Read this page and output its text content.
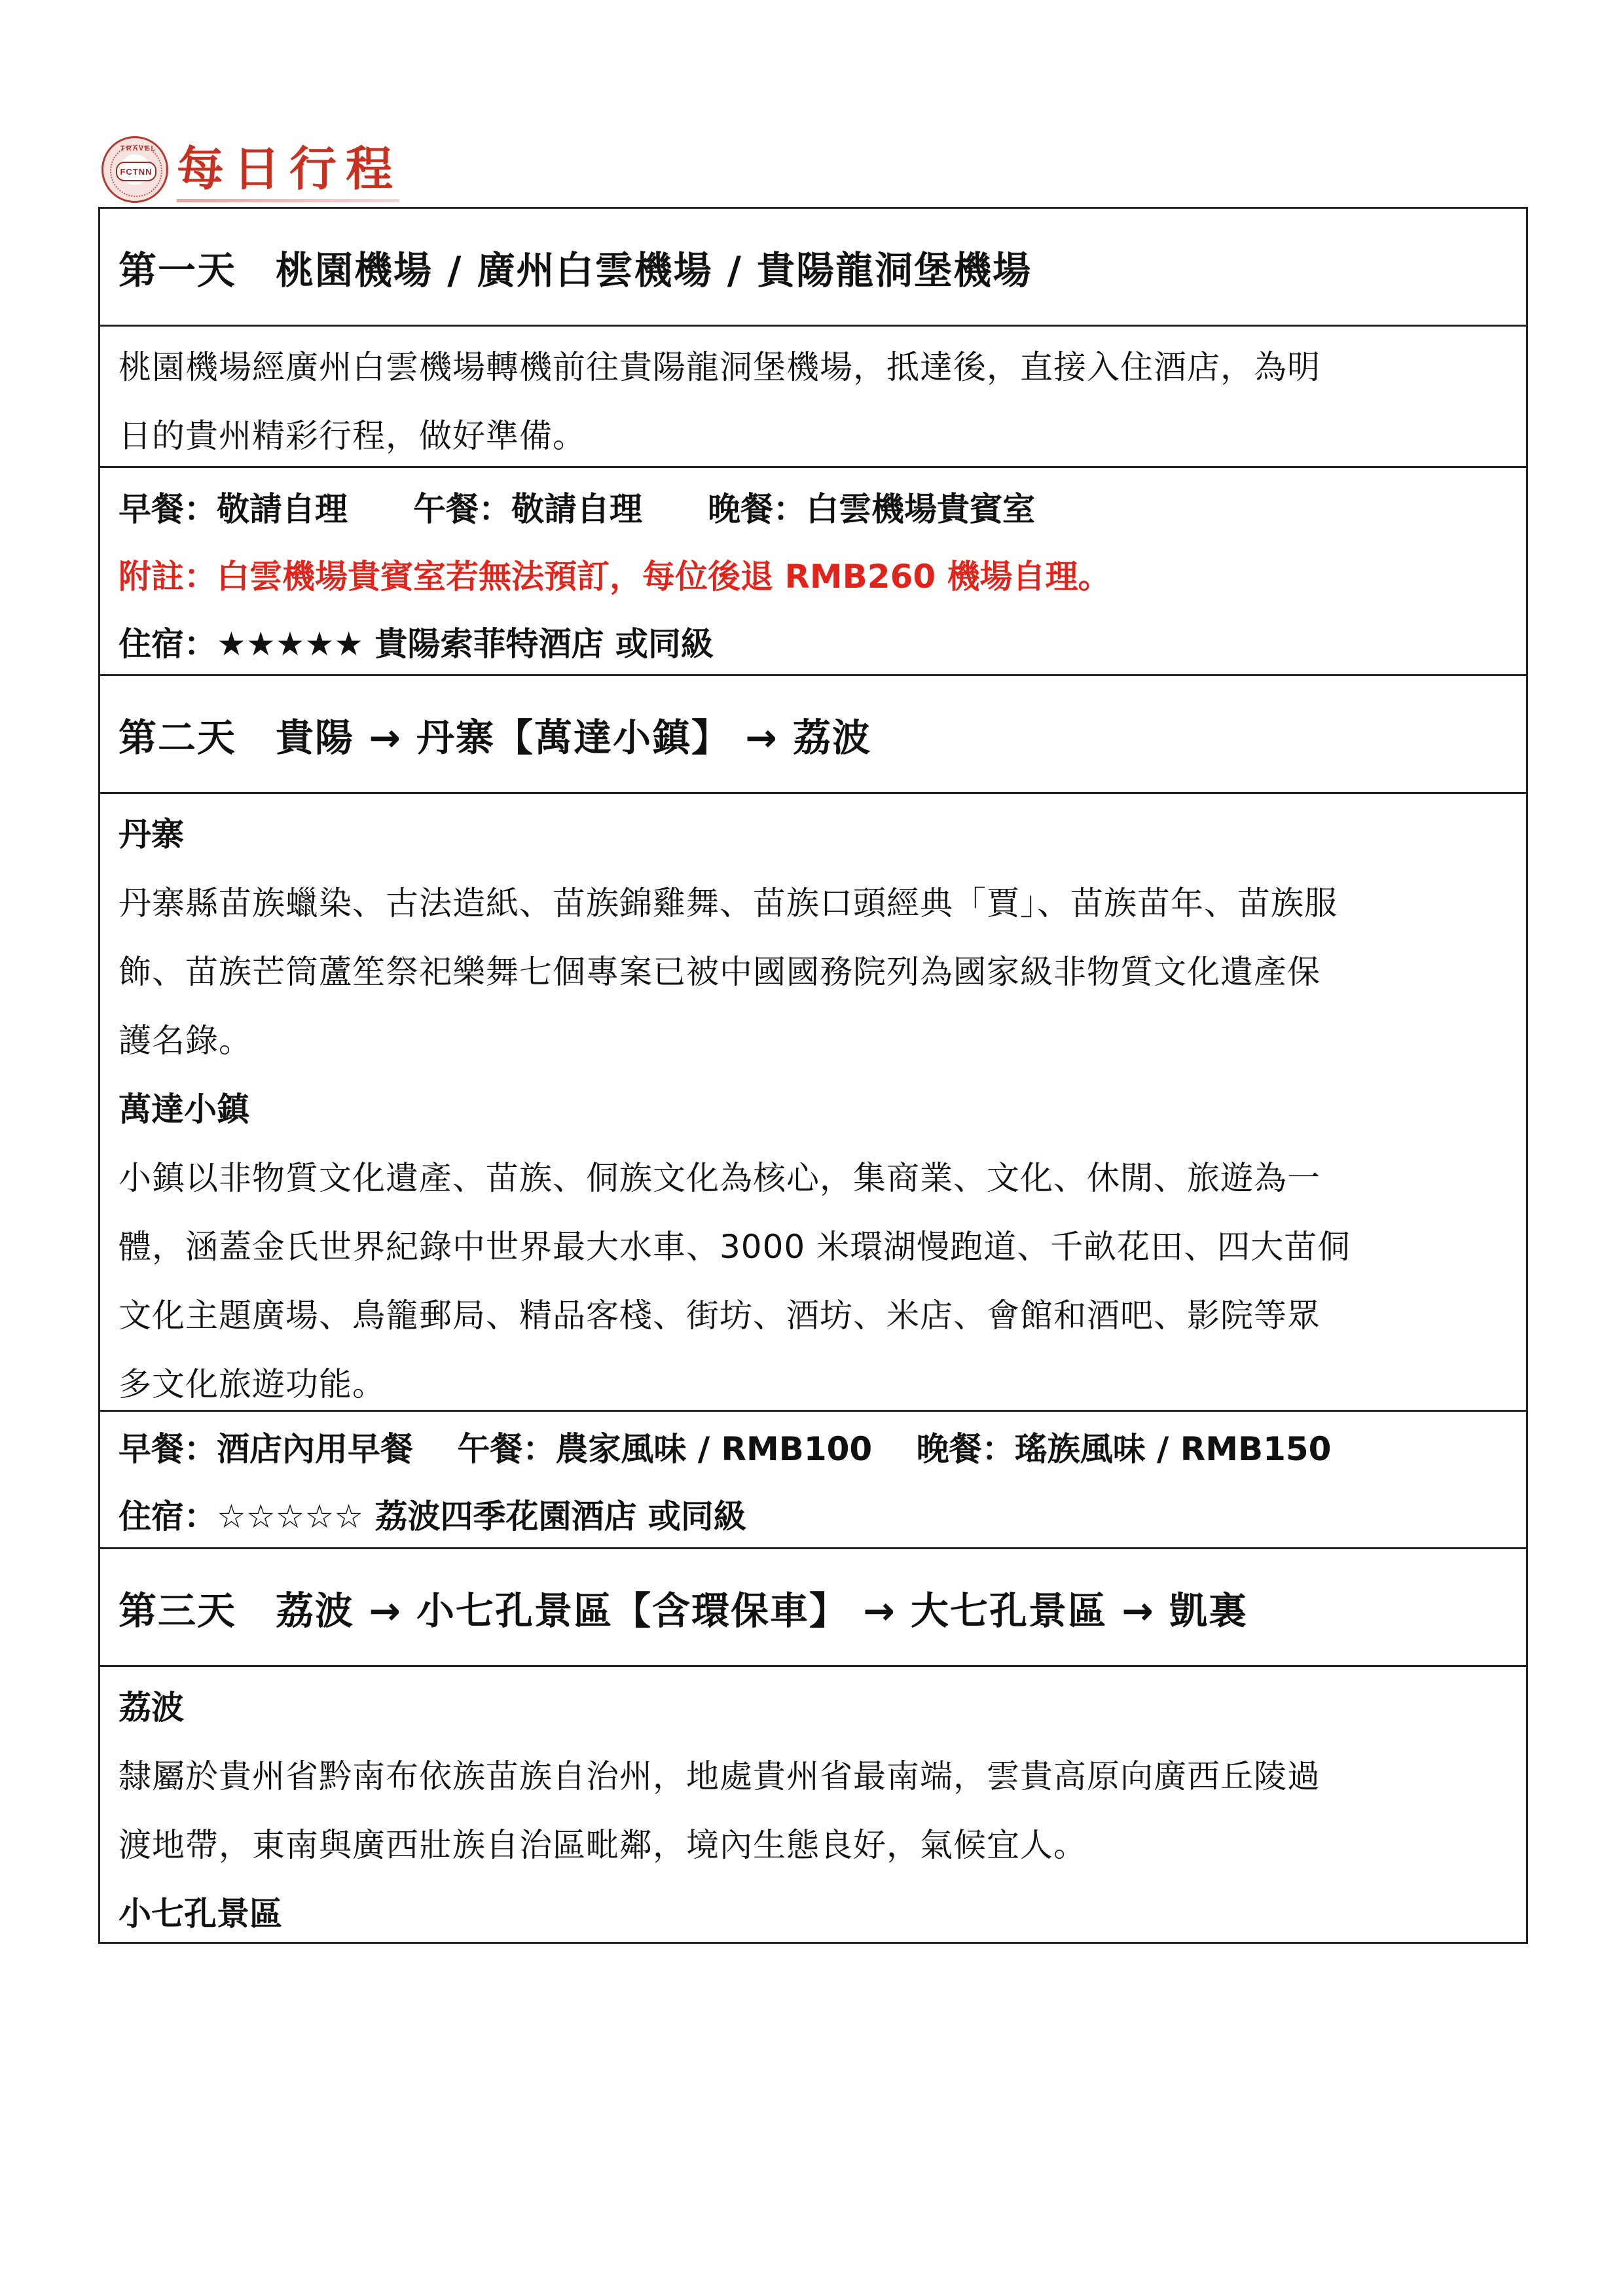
TRAVEL
FCTNN 每日行程
第一天　桃園機場 / 廣州白雲機場 / 貴陽龍洞堡機場

桃園機場經廣州白雲機場轉機前往貴陽龍洞堡機場，抵達後，直接入住酒店，為明

日的貴州精彩行程，做好準備。

早餐：敬請自理　　午餐：敬請自理　　晚餐：白雲機場貴賓室

附註：白雲機場貴賓室若無法預訂，每位後退 RMB260 機場自理。

住宿：★★★★★ 貴陽索菲特酒店 或同級

第二天　貴陽 → 丹寨【萬達小鎮】 → 荔波

丹寨

丹寨縣苗族蠟染、古法造紙、苗族錦雞舞、苗族口頭經典「賈」、苗族苗年、苗族服

飾、苗族芒筒蘆笙祭祀樂舞七個專案已被中國國務院列為國家級非物質文化遺產保

護名錄。

萬達小鎮

小鎮以非物質文化遺產、苗族、侗族文化為核心，集商業、文化、休閒、旅遊為一

體，涵蓋金氏世界紀錄中世界最大水車、3000 米環湖慢跑道、千畝花田、四大苗侗

文化主題廣場、鳥籠郵局、精品客棧、街坊、酒坊、米店、會館和酒吧、影院等眾

多文化旅遊功能。

早餐：酒店內用早餐　 午餐：農家風味 / RMB100　 晚餐：瑤族風味 / RMB150

住宿：☆☆☆☆☆ 荔波四季花園酒店 或同級

第三天　荔波 → 小七孔景區【含環保車】 → 大七孔景區 → 凱裏

荔波

隸屬於貴州省黔南布依族苗族自治州，地處貴州省最南端，雲貴高原向廣西丘陵過

渡地帶，東南與廣西壯族自治區毗鄰，境內生態良好，氣候宜人。

小七孔景區
